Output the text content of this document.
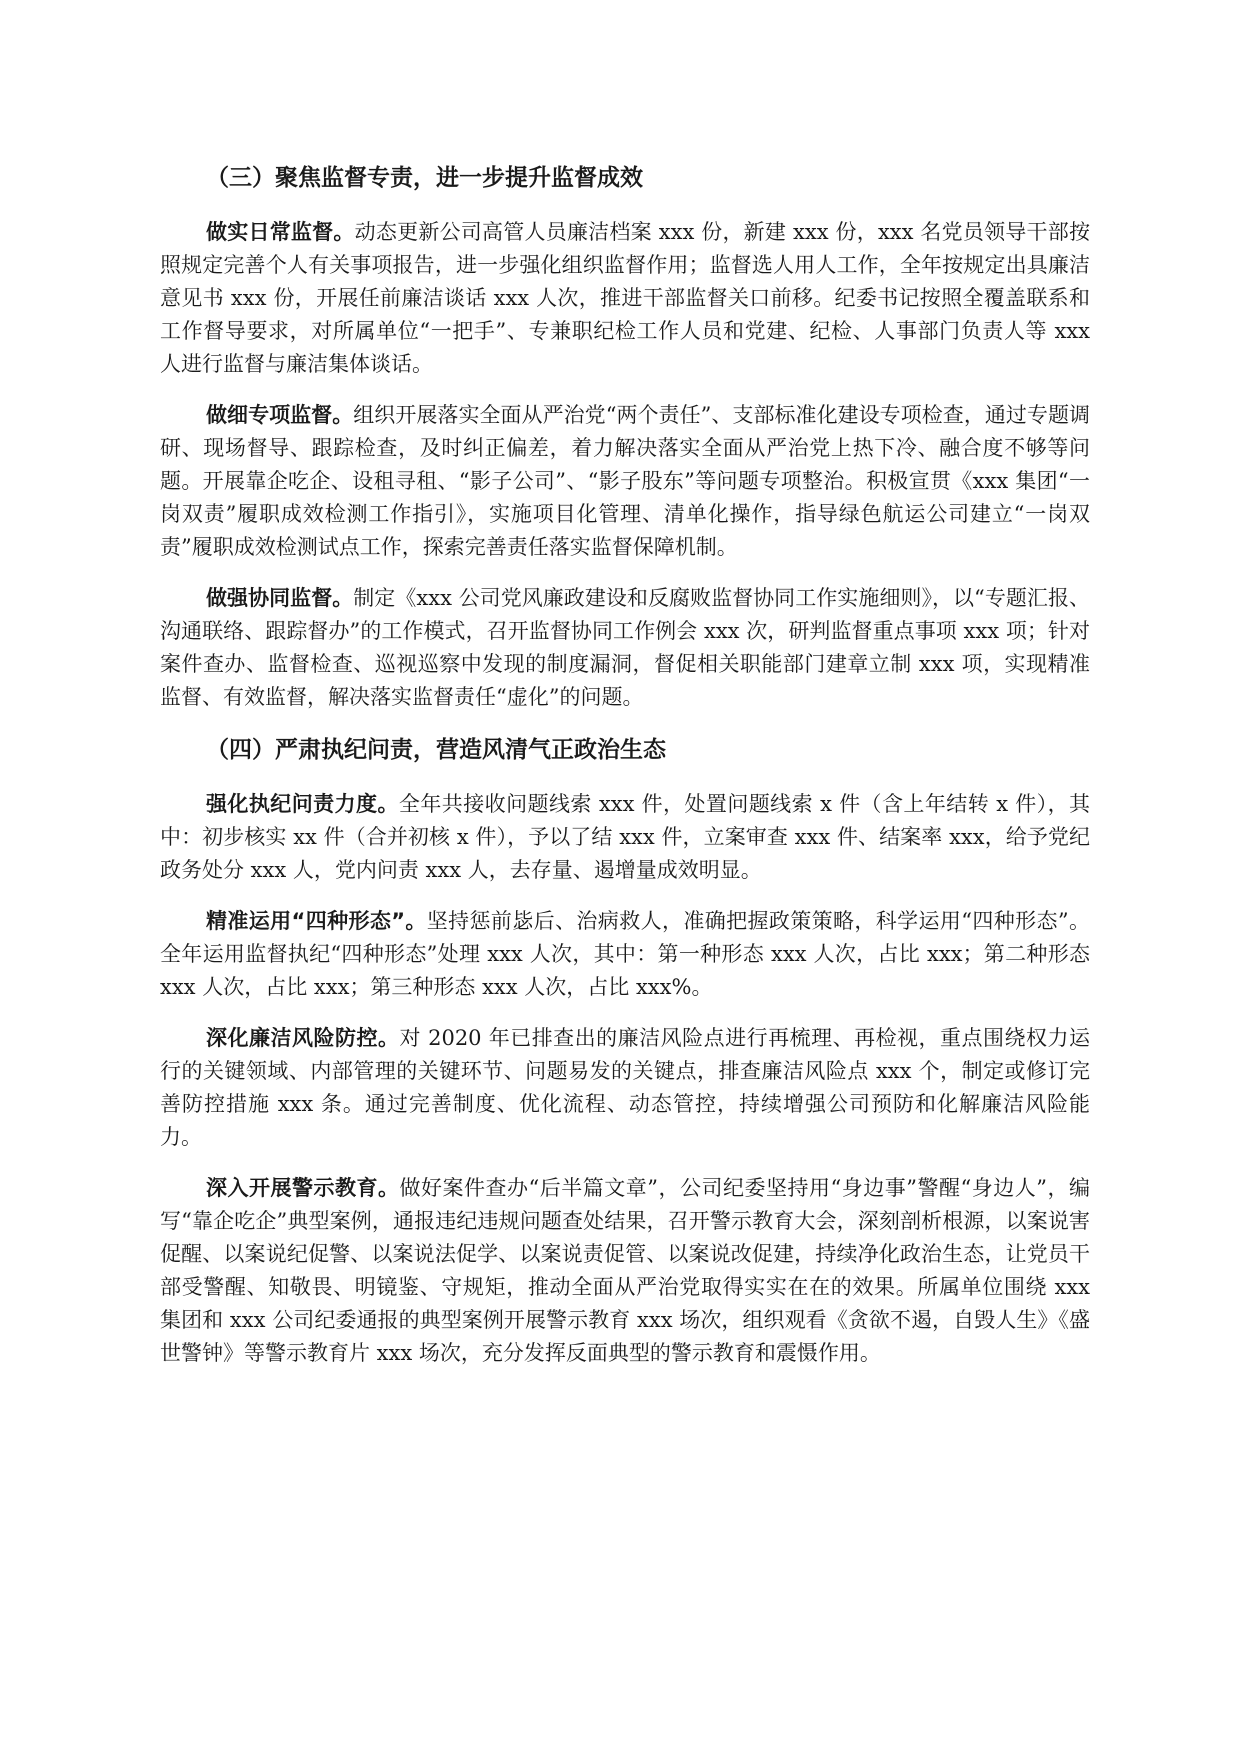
（三）聚焦监督专责，进一步提升监督成效

做实日常监督。动态更新公司高管人员廉洁档案 xxx 份，新建 xxx 份，xxx 名党员领导干部按照规定完善个人有关事项报告，进一步强化组织监督作用；监督选人用人工作，全年按规定出具廉洁意见书 xxx 份，开展任前廉洁谈话 xxx 人次，推进干部监督关口前移。纪委书记按照全覆盖联系和工作督导要求，对所属单位“一把手”、专兼职纪检工作人员和党建、纪检、人事部门负责人等 xxx 人进行监督与廉洁集体谈话。

做细专项监督。组织开展落实全面从严治党“两个责任”、支部标准化建设专项检查，通过专题调研、现场督导、跟踪检查，及时纠正偏差，着力解决落实全面从严治党上热下冷、融合度不够等问题。开展靠企吃企、设租寻租、“影子公司”、“影子股东”等问题专项整治。积极宣贯《xxx 集团“一岗双责”履职成效检测工作指引》，实施项目化管理、清单化操作，指导绿色航运公司建立“一岗双责”履职成效检测试点工作，探索完善责任落实监督保障机制。

做强协同监督。制定《xxx 公司党风廉政建设和反腐败监督协同工作实施细则》，以“专题汇报、沟通联络、跟踪督办”的工作模式，召开监督协同工作例会 xxx 次，研判监督重点事项 xxx 项；针对案件查办、监督检查、巡视巡察中发现的制度漏洞，督促相关职能部门建章立制 xxx 项，实现精准监督、有效监督，解决落实监督责任“虚化”的问题。

（四）严肃执纪问责，营造风清气正政治生态

强化执纪问责力度。全年共接收问题线索 xxx 件，处置问题线索 x 件（含上年结转 x 件），其中：初步核实 xx 件（合并初核 x 件），予以了结 xxx 件，立案审查 xxx 件、结案率 xxx，给予党纪政务处分 xxx 人，党内问责 xxx 人，去存量、遏增量成效明显。

精准运用“四种形态”。坚持惩前毖后、治病救人，准确把握政策策略，科学运用“四种形态”。全年运用监督执纪“四种形态”处理 xxx 人次，其中：第一种形态 xxx 人次，占比 xxx；第二种形态 xxx 人次，占比 xxx；第三种形态 xxx 人次，占比 xxx%。

深化廉洁风险防控。对 2020 年已排查出的廉洁风险点进行再梳理、再检视，重点围绕权力运行的关键领域、内部管理的关键环节、问题易发的关键点，排查廉洁风险点 xxx 个，制定或修订完善防控措施 xxx 条。通过完善制度、优化流程、动态管控，持续增强公司预防和化解廉洁风险能力。

深入开展警示教育。做好案件查办“后半篇文章”，公司纪委坚持用“身边事”警醒“身边人”，编写“靠企吃企”典型案例，通报违纪违规问题查处结果，召开警示教育大会，深刻剖析根源，以案说害促醒、以案说纪促警、以案说法促学、以案说责促管、以案说改促建，持续净化政治生态，让党员干部受警醒、知敬畏、明镜鉴、守规矩，推动全面从严治党取得实实在在的效果。所属单位围绕 xxx 集团和 xxx 公司纪委通报的典型案例开展警示教育 xxx 场次，组织观看《贪欲不遏，自毁人生》《盛世警钟》等警示教育片 xxx 场次，充分发挥反面典型的警示教育和震慑作用。
